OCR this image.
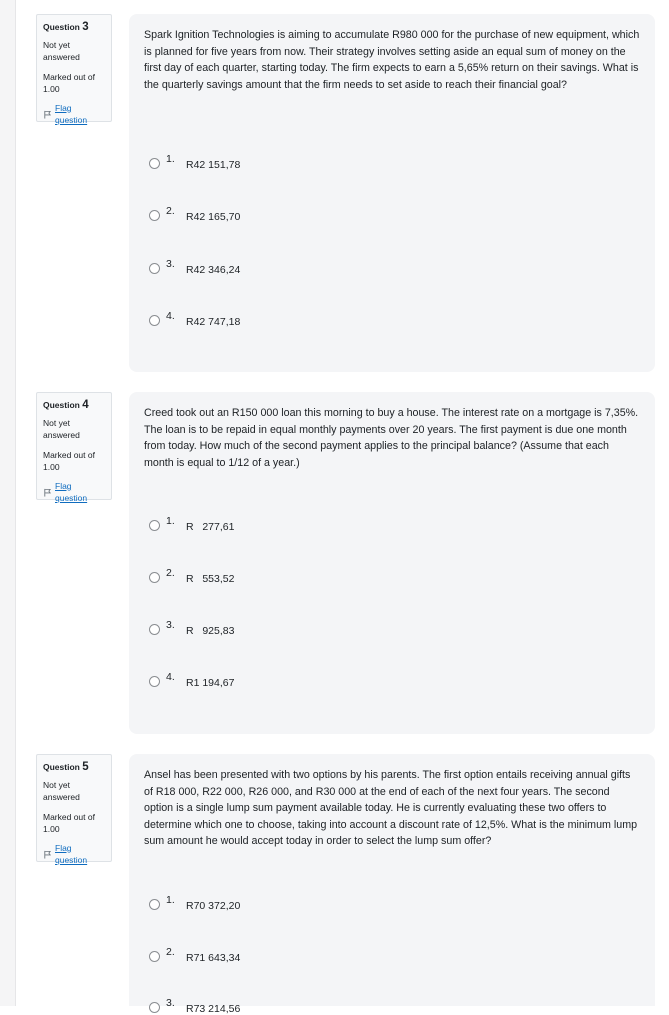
Question 3
Not yet answered
Marked out of 1.00
Flag question
Spark Ignition Technologies is aiming to accumulate R980 000 for the purchase of new equipment, which is planned for five years from now. Their strategy involves setting aside an equal sum of money on the first day of each quarter, starting today. The firm expects to earn a 5,65% return on their savings. What is the quarterly savings amount that the firm needs to set aside to reach their financial goal?
1. R42 151,78
2. R42 165,70
3. R42 346,24
4. R42 747,18
Question 4
Not yet answered
Marked out of 1.00
Flag question
Creed took out an R150 000 loan this morning to buy a house. The interest rate on a mortgage is 7,35%. The loan is to be repaid in equal monthly payments over 20 years. The first payment is due one month from today. How much of the second payment applies to the principal balance? (Assume that each month is equal to 1/12 of a year.)
1. R   277,61
2. R   553,52
3. R   925,83
4. R1 194,67
Question 5
Not yet answered
Marked out of 1.00
Flag question
Ansel has been presented with two options by his parents. The first option entails receiving annual gifts of R18 000, R22 000, R26 000, and R30 000 at the end of each of the next four years. The second option is a single lump sum payment available today. He is currently evaluating these two offers to determine which one to choose, taking into account a discount rate of 12,5%. What is the minimum lump sum amount he would accept today in order to select the lump sum offer?
1. R70 372,20
2. R71 643,34
3. R73 214,56
